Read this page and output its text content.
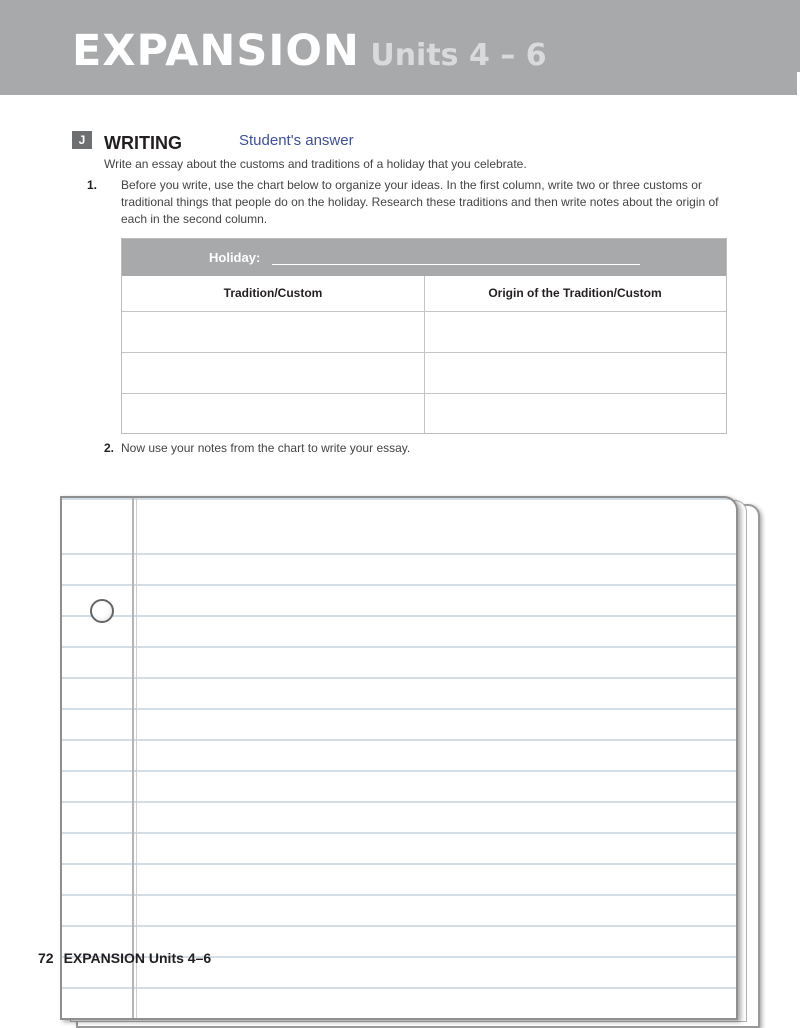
EXPANSION Units 4 – 6
J	WRITING	Student's answer
Write an essay about the customs and traditions of a holiday that you celebrate.
1. Before you write, use the chart below to organize your ideas. In the first column, write two or three customs or traditional things that people do on the holiday. Research these traditions and then write notes about the origin of each in the second column.
Holiday:
Tradition/Custom	Origin of the Tradition/Custom
2. Now use your notes from the chart to write your essay.
72 EXPANSION Units 4–6
